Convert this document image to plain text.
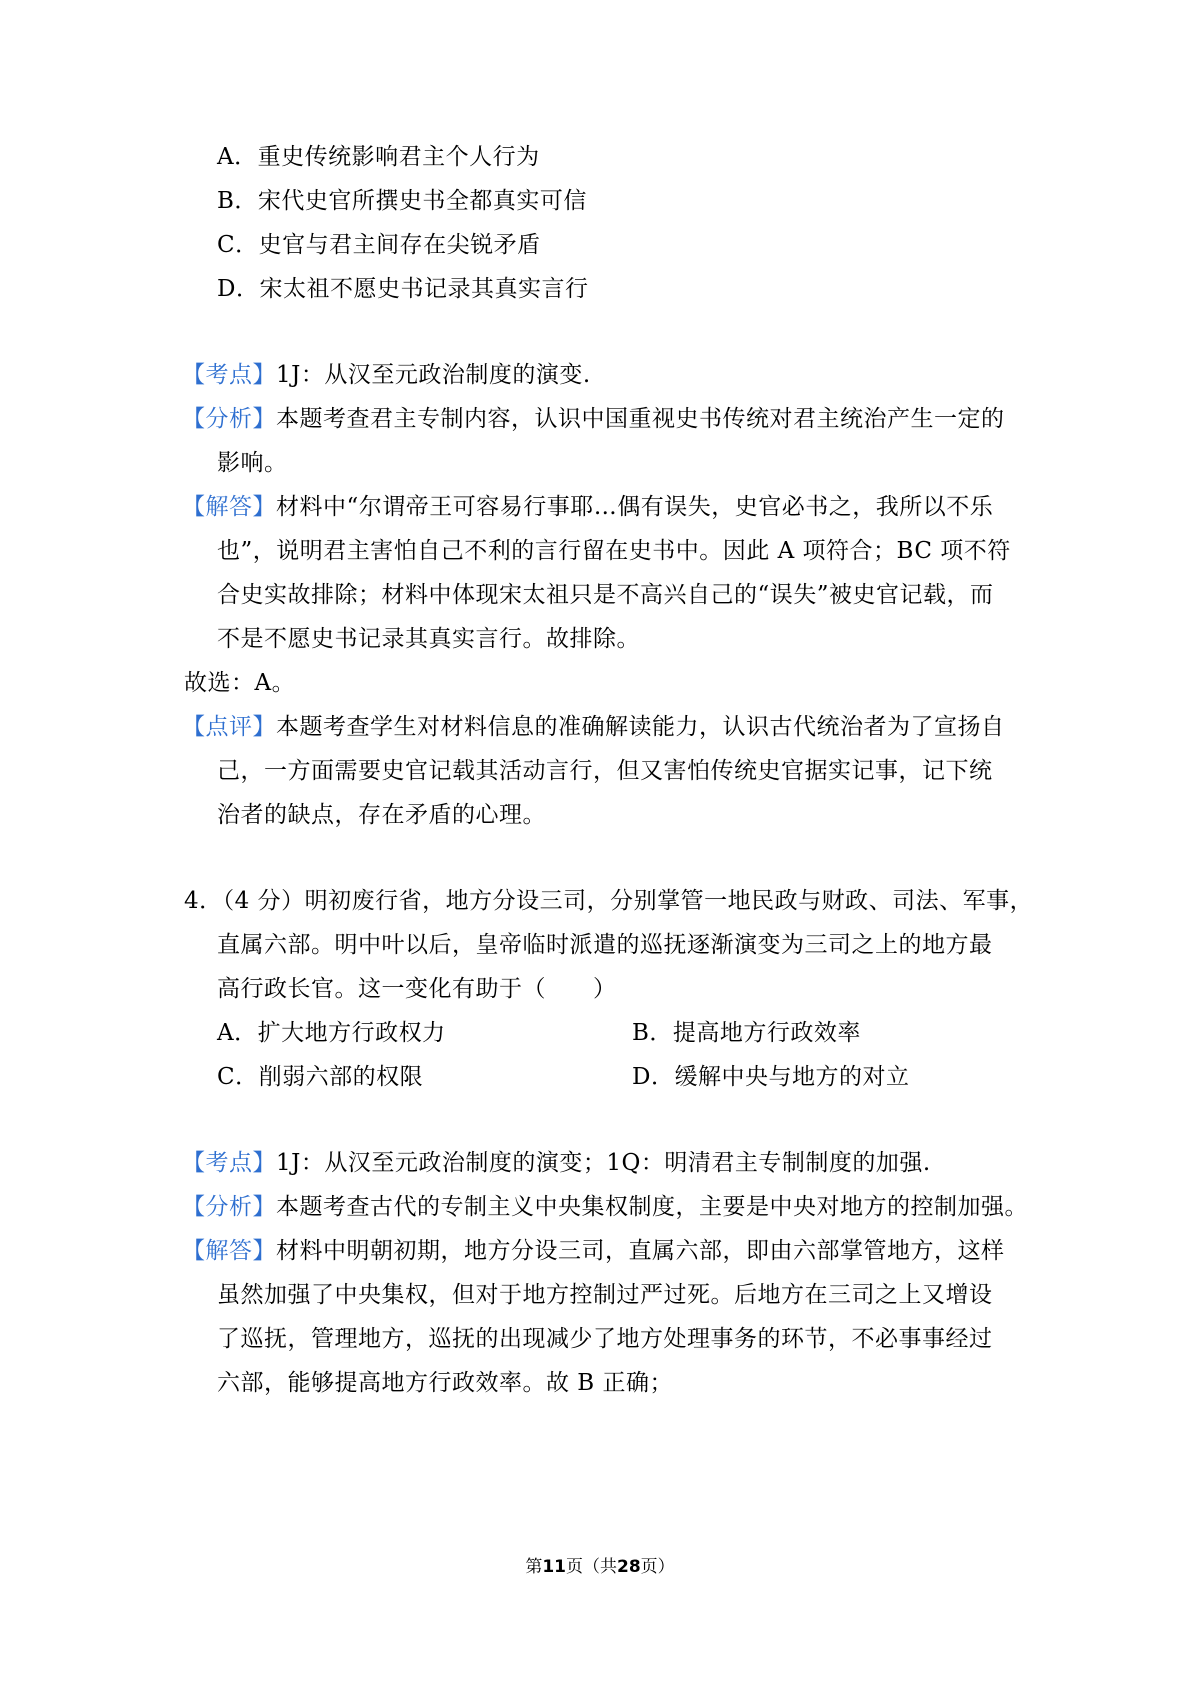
A．重史传统影响君主个人行为
B．宋代史官所撰史书全都真实可信
C．史官与君主间存在尖锐矛盾
D．宋太祖不愿史书记录其真实言行
【考点】1J：从汉至元政治制度的演变.
【分析】本题考查君主专制内容，认识中国重视史书传统对君主统治产生一定的
影响。
【解答】材料中“尔谓帝王可容易行事耶…偶有误失，史官必书之，我所以不乐
也”，说明君主害怕自己不利的言行留在史书中。因此 A 项符合；BC 项不符
合史实故排除；材料中体现宋太祖只是不高兴自己的“误失”被史官记载，而
不是不愿史书记录其真实言行。故排除。
故选：A。
【点评】本题考查学生对材料信息的准确解读能力，认识古代统治者为了宣扬自
己，一方面需要史官记载其活动言行，但又害怕传统史官据实记事，记下统
治者的缺点，存在矛盾的心理。
4．（4 分）明初废行省，地方分设三司，分别掌管一地民政与财政、司法、军事，
直属六部。明中叶以后，皇帝临时派遣的巡抚逐渐演变为三司之上的地方最
高行政长官。这一变化有助于（　　）
A．扩大地方行政权力	B．提高地方行政效率
C．削弱六部的权限	D．缓解中央与地方的对立
【考点】1J：从汉至元政治制度的演变；1Q：明清君主专制制度的加强.
【分析】本题考查古代的专制主义中央集权制度，主要是中央对地方的控制加强。
【解答】材料中明朝初期，地方分设三司，直属六部，即由六部掌管地方，这样
虽然加强了中央集权，但对于地方控制过严过死。后地方在三司之上又增设
了巡抚，管理地方，巡抚的出现减少了地方处理事务的环节，不必事事经过
六部，能够提高地方行政效率。故 B 正确；
第11页（共28页）
